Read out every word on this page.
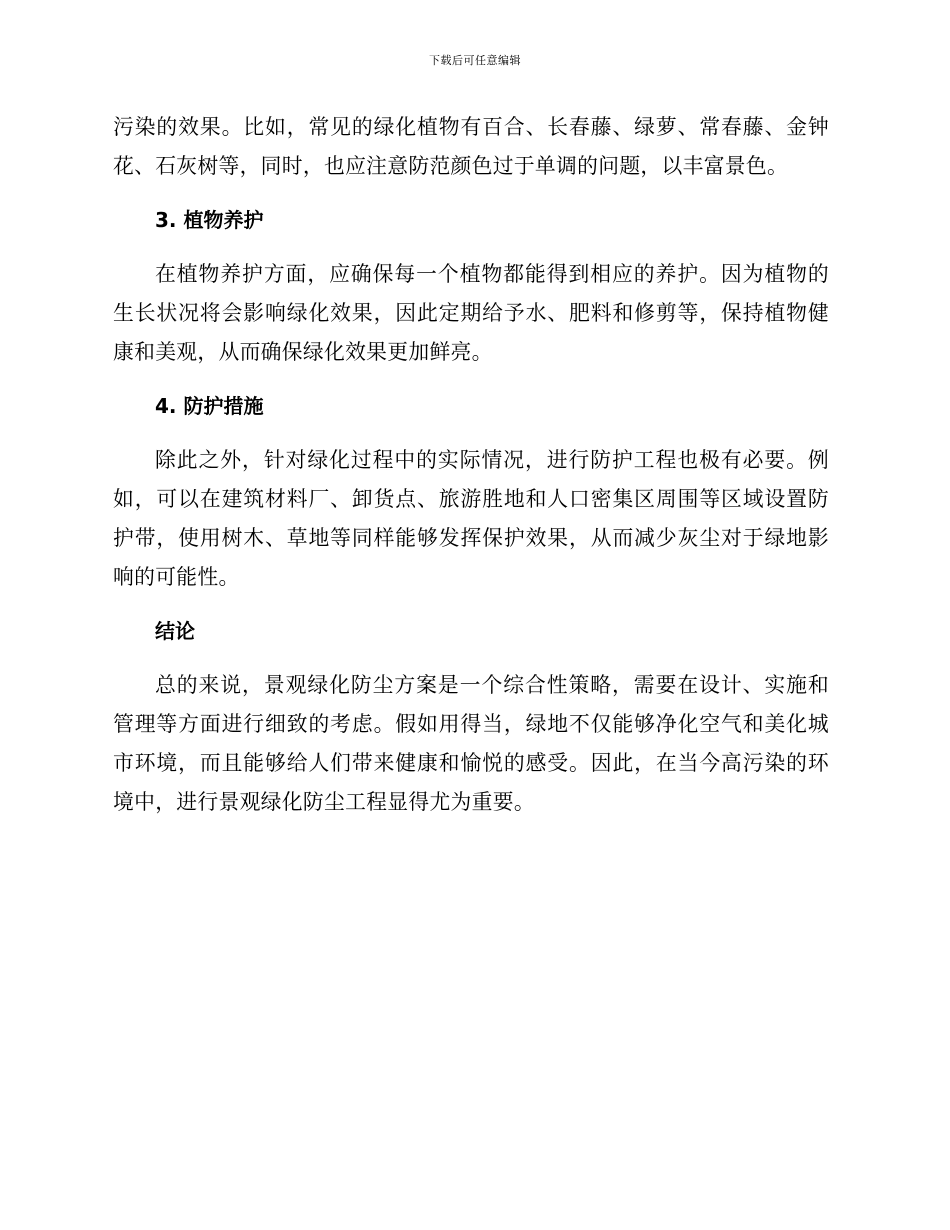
下载后可任意编辑

污染的效果。比如，常见的绿化植物有百合、长春藤、绿萝、常春藤、金钟花、石灰树等，同时，也应注意防范颜色过于单调的问题，以丰富景色。

3. 植物养护

在植物养护方面，应确保每一个植物都能得到相应的养护。因为植物的生长状况将会影响绿化效果，因此定期给予水、肥料和修剪等，保持植物健康和美观，从而确保绿化效果更加鲜亮。

4. 防护措施

除此之外，针对绿化过程中的实际情况，进行防护工程也极有必要。例如，可以在建筑材料厂、卸货点、旅游胜地和人口密集区周围等区域设置防护带，使用树木、草地等同样能够发挥保护效果，从而减少灰尘对于绿地影响的可能性。

结论

总的来说，景观绿化防尘方案是一个综合性策略，需要在设计、实施和管理等方面进行细致的考虑。假如用得当，绿地不仅能够净化空气和美化城市环境，而且能够给人们带来健康和愉悦的感受。因此，在当今高污染的环境中，进行景观绿化防尘工程显得尤为重要。
